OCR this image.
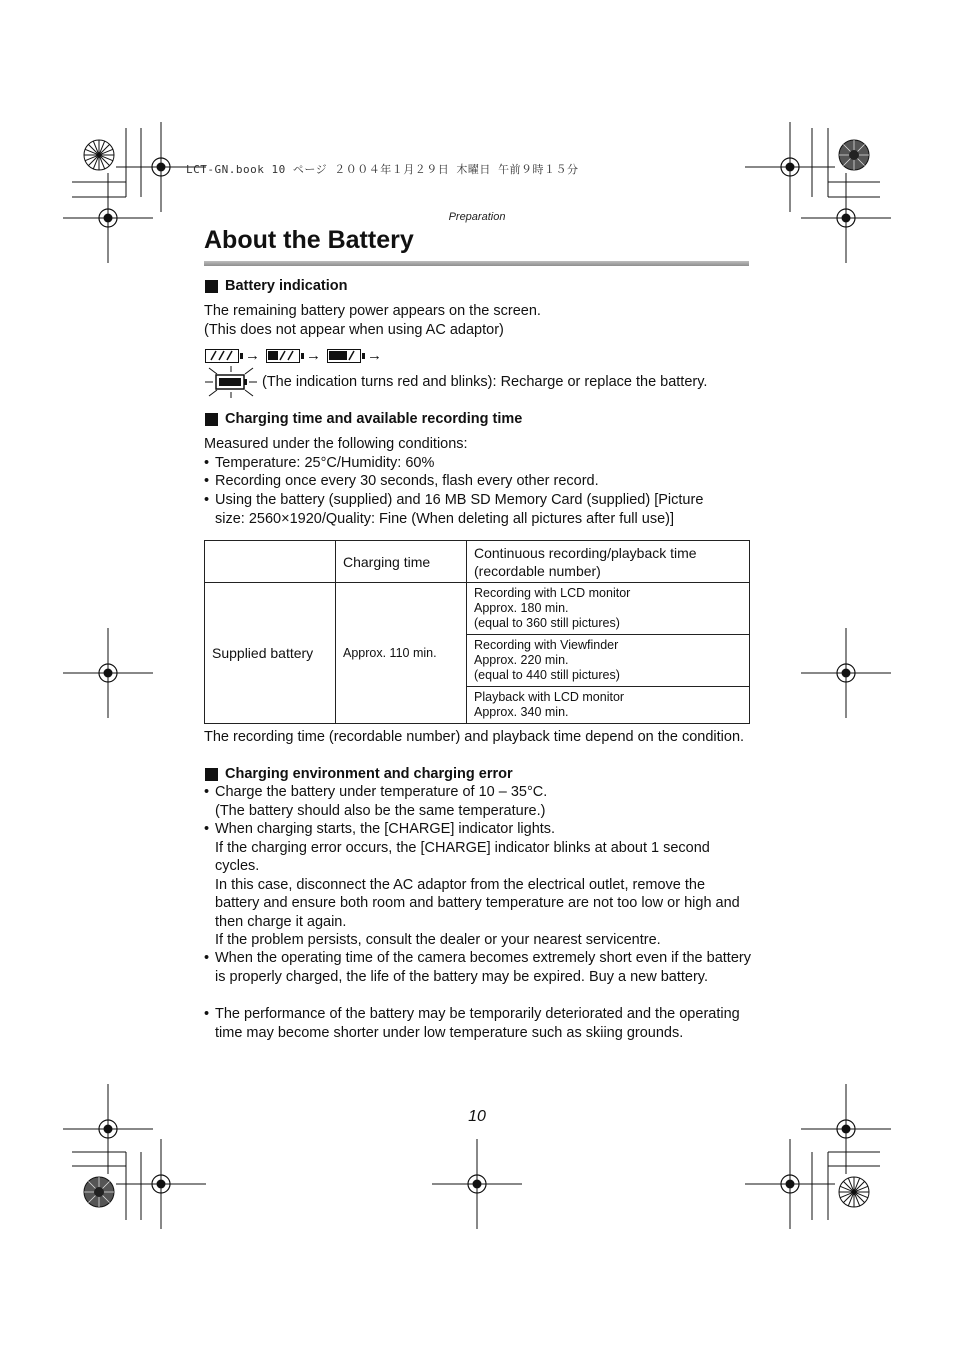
LCT-GN.book 10 ページ ２００４年１月２９日 木曜日 午前９時１５分
Preparation
About the Battery
Battery indication

The remaining battery power appears on the screen.

(This does not appear when using AC adaptor)

→	→	→
(The indication turns red and blinks): Recharge or replace the battery.
Charging time and available recording time

Measured under the following conditions:

• Temperature: 25°C/Humidity: 60%

• Recording once every 30 seconds, flash every other record.

• Using the battery (supplied) and 16 MB SD Memory Card (supplied) [Picture size: 2560×1920/Quality: Fine (When deleting all pictures after full use)]

	Charging time	Continuous recording/playback time
(recordable number)

Supplied battery	Approx. 110 min.	Recording with LCD monitor
Approx. 180 min.
(equal to 360 still pictures)

		Recording with Viewfinder
Approx. 220 min.
(equal to 440 still pictures)

		Playback with LCD monitor
Approx. 340 min.

The recording time (recordable number) and playback time depend on the condition.

Charging environment and charging error
• Charge the battery under temperature of 10 – 35°C.

(The battery should also be the same temperature.)

• When charging starts, the [CHARGE] indicator lights.

If the charging error occurs, the [CHARGE] indicator blinks at about 1 second cycles.

In this case, disconnect the AC adaptor from the electrical outlet, remove the battery and ensure both room and battery temperature are not too low or high and then charge it again.

If the problem persists, consult the dealer or your nearest servicentre.

• When the operating time of the camera becomes extremely short even if the battery is properly charged, the life of the battery may be expired. Buy a new battery.

• The performance of the battery may be temporarily deteriorated and the operating time may become shorter under low temperature such as skiing grounds.

10
